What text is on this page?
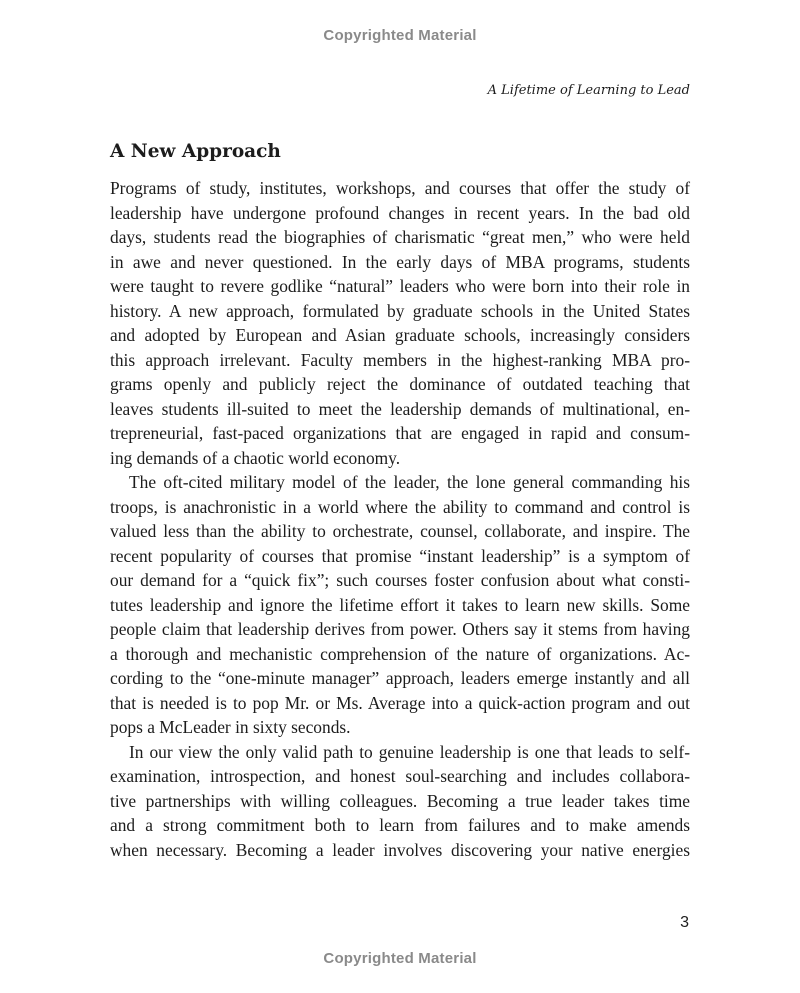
Copyrighted Material
A Lifetime of Learning to Lead
A New Approach

Programs of study, institutes, workshops, and courses that offer the study of

leadership have undergone profound changes in recent years. In the bad old

days, students read the biographies of charismatic “great men,” who were held

in awe and never questioned. In the early days of MBA programs, students

were taught to revere godlike “natural” leaders who were born into their role in

history. A new approach, formulated by graduate schools in the United States

and adopted by European and Asian graduate schools, increasingly considers

this approach irrelevant. Faculty members in the highest-ranking MBA pro-

grams openly and publicly reject the dominance of outdated teaching that

leaves students ill-suited to meet the leadership demands of multinational, en-

trepreneurial, fast-paced organizations that are engaged in rapid and consum-

ing demands of a chaotic world economy.

The oft-cited military model of the leader, the lone general commanding his

troops, is anachronistic in a world where the ability to command and control is

valued less than the ability to orchestrate, counsel, collaborate, and inspire. The

recent popularity of courses that promise “instant leadership” is a symptom of

our demand for a “quick fix”; such courses foster confusion about what consti-

tutes leadership and ignore the lifetime effort it takes to learn new skills. Some

people claim that leadership derives from power. Others say it stems from having

a thorough and mechanistic comprehension of the nature of organizations. Ac-

cording to the “one-minute manager” approach, leaders emerge instantly and all

that is needed is to pop Mr. or Ms. Average into a quick-action program and out

pops a McLeader in sixty seconds.

In our view the only valid path to genuine leadership is one that leads to self-

examination, introspection, and honest soul-searching and includes collabora-

tive partnerships with willing colleagues. Becoming a true leader takes time

and a strong commitment both to learn from failures and to make amends

when necessary. Becoming a leader involves discovering your native energies

3
Copyrighted Material
